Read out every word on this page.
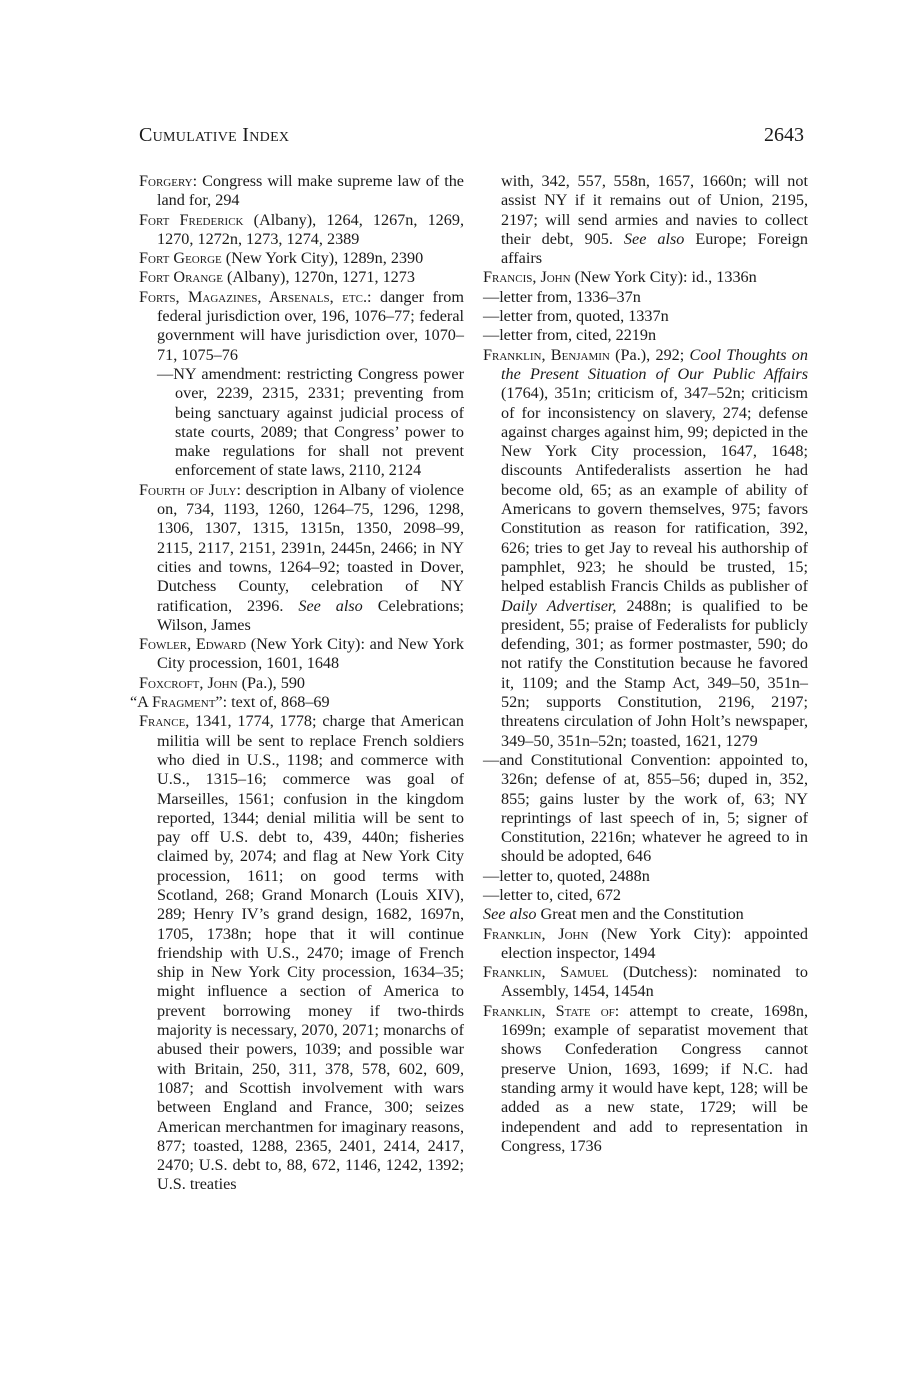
Cumulative Index	2643

Forgery: Congress will make supreme law of the land for, 294

Fort Frederick (Albany), 1264, 1267n, 1269, 1270, 1272n, 1273, 1274, 2389

Fort George (New York City), 1289n, 2390

Fort Orange (Albany), 1270n, 1271, 1273

Forts, Magazines, Arsenals, etc.: danger from federal jurisdiction over, 196, 1076–77; federal government will have jurisdiction over, 1070–71, 1075–76

—NY amendment: restricting Congress power over, 2239, 2315, 2331; preventing from being sanctuary against judicial process of state courts, 2089; that Congress’ power to make regulations for shall not prevent enforcement of state laws, 2110, 2124

Fourth of July: description in Albany of violence on, 734, 1193, 1260, 1264–75, 1296, 1298, 1306, 1307, 1315, 1315n, 1350, 2098–99, 2115, 2117, 2151, 2391n, 2445n, 2466; in NY cities and towns, 1264–92; toasted in Dover, Dutchess County, celebration of NY ratification, 2396. See also Celebrations; Wilson, James

Fowler, Edward (New York City): and New York City procession, 1601, 1648

Foxcroft, John (Pa.), 590

“A Fragment”: text of, 868–69

France, 1341, 1774, 1778; charge that American militia will be sent to replace French soldiers who died in U.S., 1198; and commerce with U.S., 1315–16; commerce was goal of Marseilles, 1561; confusion in the kingdom reported, 1344; denial militia will be sent to pay off U.S. debt to, 439, 440n; fisheries claimed by, 2074; and flag at New York City procession, 1611; on good terms with Scotland, 268; Grand Monarch (Louis XIV), 289; Henry IV’s grand design, 1682, 1697n, 1705, 1738n; hope that it will continue friendship with U.S., 2470; image of French ship in New York City procession, 1634–35; might influence a section of America to prevent borrowing money if two-thirds majority is necessary, 2070, 2071; monarchs of abused their powers, 1039; and possible war with Britain, 250, 311, 378, 578, 602, 609, 1087; and Scottish involvement with wars between England and France, 300; seizes American merchantmen for imaginary reasons, 877; toasted, 1288, 2365, 2401, 2414, 2417, 2470; U.S. debt to, 88, 672, 1146, 1242, 1392; U.S. treaties

with, 342, 557, 558n, 1657, 1660n; will not assist NY if it remains out of Union, 2195, 2197; will send armies and navies to collect their debt, 905. See also Europe; Foreign affairs

Francis, John (New York City): id., 1336n

—letter from, 1336–37n

—letter from, quoted, 1337n

—letter from, cited, 2219n

Franklin, Benjamin (Pa.), 292; Cool Thoughts on the Present Situation of Our Public Affairs (1764), 351n; criticism of, 347–52n; criticism of for inconsistency on slavery, 274; defense against charges against him, 99; depicted in the New York City procession, 1647, 1648; discounts Antifederalists assertion he had become old, 65; as an example of ability of Americans to govern themselves, 975; favors Constitution as reason for ratification, 392, 626; tries to get Jay to reveal his authorship of pamphlet, 923; he should be trusted, 15; helped establish Francis Childs as publisher of Daily Advertiser, 2488n; is qualified to be president, 55; praise of Federalists for publicly defending, 301; as former postmaster, 590; do not ratify the Constitution because he favored it, 1109; and the Stamp Act, 349–50, 351n–52n; supports Constitution, 2196, 2197; threatens circulation of John Holt’s newspaper, 349–50, 351n–52n; toasted, 1621, 1279

—and Constitutional Convention: appointed to, 326n; defense of at, 855–56; duped in, 352, 855; gains luster by the work of, 63; NY reprintings of last speech of in, 5; signer of Constitution, 2216n; whatever he agreed to in should be adopted, 646

—letter to, quoted, 2488n

—letter to, cited, 672

See also Great men and the Constitution

Franklin, John (New York City): appointed election inspector, 1494

Franklin, Samuel (Dutchess): nominated to Assembly, 1454, 1454n

Franklin, State of: attempt to create, 1698n, 1699n; example of separatist movement that shows Confederation Congress cannot preserve Union, 1693, 1699; if N.C. had standing army it would have kept, 128; will be added as a new state, 1729; will be independent and add to representation in Congress, 1736
